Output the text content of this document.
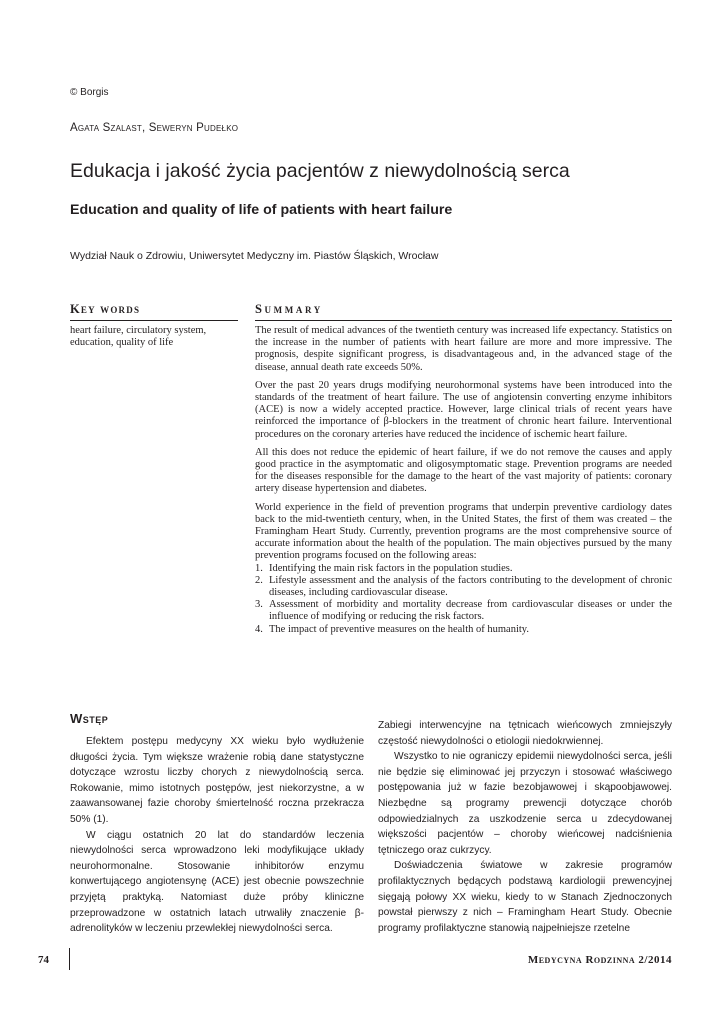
© Borgis
Agata Szalast, Seweryn Pudełko
Edukacja i jakość życia pacjentów z niewydolnością serca
Education and quality of life of patients with heart failure
Wydział Nauk o Zdrowiu, Uniwersytet Medyczny im. Piastów Śląskich, Wrocław
Key words
heart failure, circulatory system, education, quality of life
Summary

The result of medical advances of the twentieth century was increased life expectancy. Statistics on the increase in the number of patients with heart failure are more and more impressive. The prognosis, despite significant progress, is disadvantageous and, in the advanced stage of the disease, annual death rate exceeds 50%.

Over the past 20 years drugs modifying neurohormonal systems have been introduced into the standards of the treatment of heart failure. The use of angiotensin converting enzyme inhibitors (ACE) is now a widely accepted practice. However, large clinical trials of recent years have reinforced the importance of β-blockers in the treatment of chronic heart failure. Interventional procedures on the coronary arteries have reduced the incidence of ischemic heart failure.

All this does not reduce the epidemic of heart failure, if we do not remove the causes and apply good practice in the asymptomatic and oligosymptomatic stage. Prevention programs are needed for the diseases responsible for the damage to the heart of the vast majority of patients: coronary artery disease hypertension and diabetes.

World experience in the field of prevention programs that underpin preventive cardiology dates back to the mid-twentieth century, when, in the United States, the first of them was created – the Framingham Heart Study. Currently, prevention programs are the most comprehensive source of accurate information about the health of the population. The main objectives pursued by the many prevention programs focused on the following areas:

1. Identifying the main risk factors in the population studies.
2. Lifestyle assessment and the analysis of the factors contributing to the development of chronic diseases, including cardiovascular disease.
3. Assessment of morbidity and mortality decrease from cardiovascular diseases or under the influence of modifying or reducing the risk factors.
4. The impact of preventive measures on the health of humanity.
Wstęp

Efektem postępu medycyny XX wieku było wydłużenie długości życia. Tym większe wrażenie robią dane statystyczne dotyczące wzrostu liczby chorych z niewydolnością serca. Rokowanie, mimo istotnych postępów, jest niekorzystne, a w zaawansowanej fazie choroby śmiertelność roczna przekracza 50% (1).

W ciągu ostatnich 20 lat do standardów leczenia niewydolności serca wprowadzono leki modyfikujące układy neurohormonalne. Stosowanie inhibitorów enzymu konwertującego angiotensynę (ACE) jest obecnie powszechnie przyjętą praktyką. Natomiast duże próby kliniczne przeprowadzone w ostatnich latach utrwaliły znaczenie β-adrenolityków w leczeniu przewlekłej niewydolności serca.

Zabiegi interwencyjne na tętnicach wieńcowych zmniejszyły częstość niewydolności o etiologii niedokrwiennej.

Wszystko to nie ograniczy epidemii niewydolności serca, jeśli nie będzie się eliminować jej przyczyn i stosować właściwego postępowania już w fazie bezobjawowej i skąpoobjawowej. Niezbędne są programy prewencji dotyczące chorób odpowiedzialnych za uszkodzenie serca u zdecydowanej większości pacjentów – choroby wieńcowej nadciśnienia tętniczego oraz cukrzycy.

Doświadczenia światowe w zakresie programów profilaktycznych będących podstawą kardiologii prewencyjnej sięgają połowy XX wieku, kiedy to w Stanach Zjednoczonych powstał pierwszy z nich – Framingham Heart Study. Obecnie programy profilaktyczne stanowią najpełniejsze rzetelne

74	Medycyna Rodzinna 2/2014
